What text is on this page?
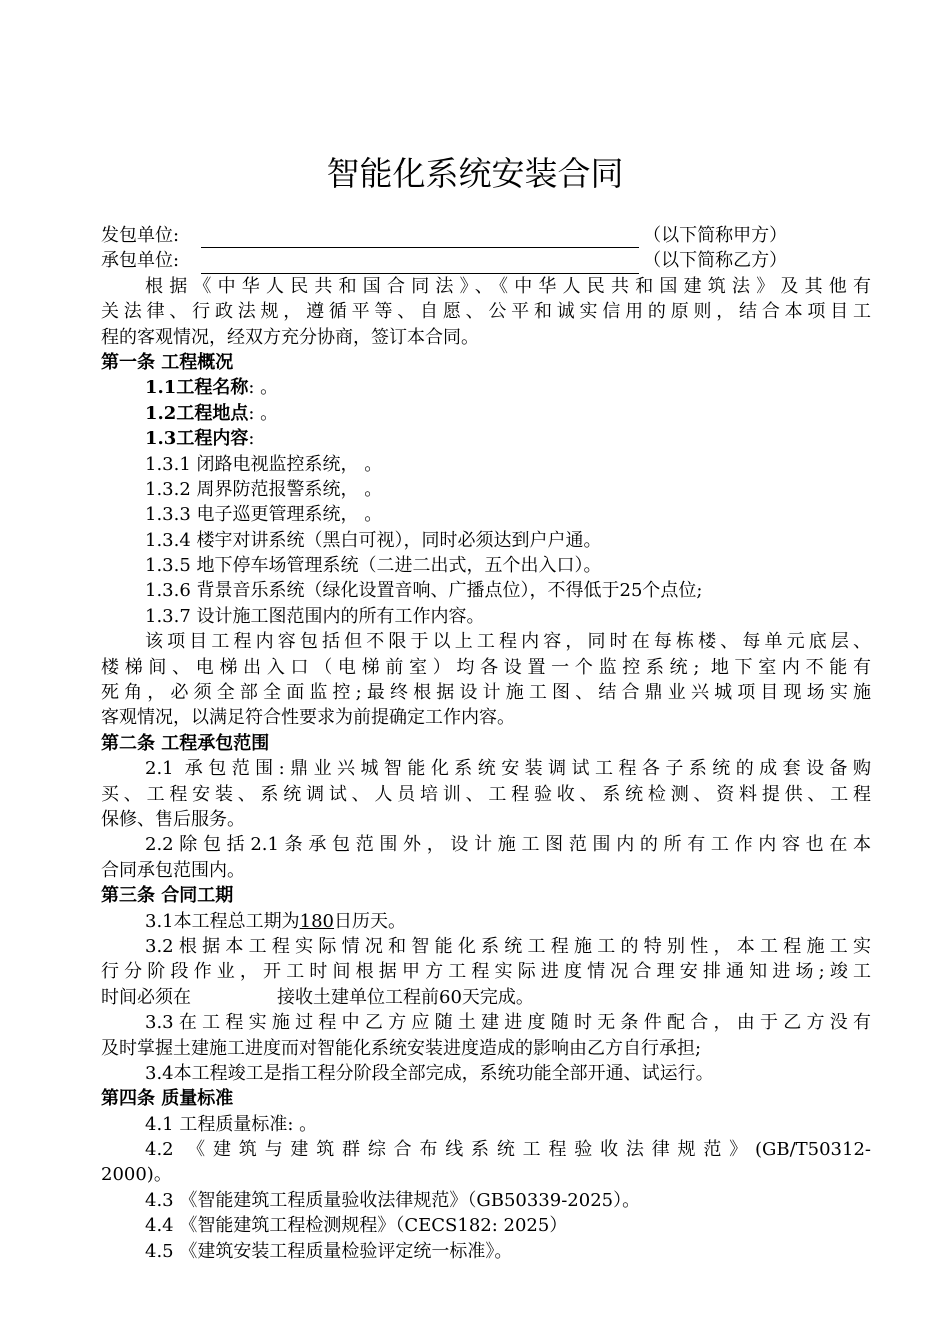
智能化系统安装合同
发包单位:	（以下简称甲方）
承包单位:	（以下简称乙方）
根据《中华人民共和国合同法》、《中华人民共和国建筑法》及其他有
关法律、行政法规，遵循平等、自愿、公平和诚实信用的原则，结合本项目工
程的客观情况，经双方充分协商，签订本合同。
第一条 工程概况
1.1工程名称: 。
1.2工程地点: 。
1.3工程内容:
1.3.1 闭路电视监控系统， 。
1.3.2 周界防范报警系统， 。
1.3.3 电子巡更管理系统， 。
1.3.4 楼宇对讲系统（黑白可视），同时必须达到户户通。
1.3.5 地下停车场管理系统（二进二出式，五个出入口）。
1.3.6 背景音乐系统（绿化设置音响、广播点位），不得低于25个点位;
1.3.7 设计施工图范围内的所有工作内容。
该项目工程内容包括但不限于以上工程内容，同时在每栋楼、每单元底层、
楼梯间、电梯出入口（电梯前室）均各设置一个监控系统; 地下室内不能有
死角，必须全部全面监控;最终根据设计施工图、结合鼎业兴城项目现场实施
客观情况，以满足符合性要求为前提确定工作内容。
第二条 工程承包范围
2.1 承包范围:鼎业兴城智能化系统安装调试工程各子系统的成套设备购
买、工程安装、系统调试、人员培训、工程验收、系统检测、资料提供、工程
保修、售后服务。
2.2除包括2.1条承包范围外，设计施工图范围内的所有工作内容也在本
合同承包范围内。
第三条 合同工期
3.1本工程总工期为180日历天。
3.2根据本工程实际情况和智能化系统工程施工的特别性，本工程施工实
行分阶段作业，开工时间根据甲方工程实际进度情况合理安排通知进场;竣工
时间必须在	接收土建单位工程前60天完成。
3.3在工程实施过程中乙方应随土建进度随时无条件配合，由于乙方没有
及时掌握土建施工进度而对智能化系统安装进度造成的影响由乙方自行承担;
3.4本工程竣工是指工程分阶段全部完成，系统功能全部开通、试运行。
第四条 质量标准
4.1 工程质量标准: 。
4.2 《建筑与建筑群综合布线系统工程验收法律规范》(GB/T50312-
2000)。
4.3 《智能建筑工程质量验收法律规范》（GB50339-2025）。
4.4 《智能建筑工程检测规程》（CECS182: 2025）
4.5 《建筑安装工程质量检验评定统一标准》。
